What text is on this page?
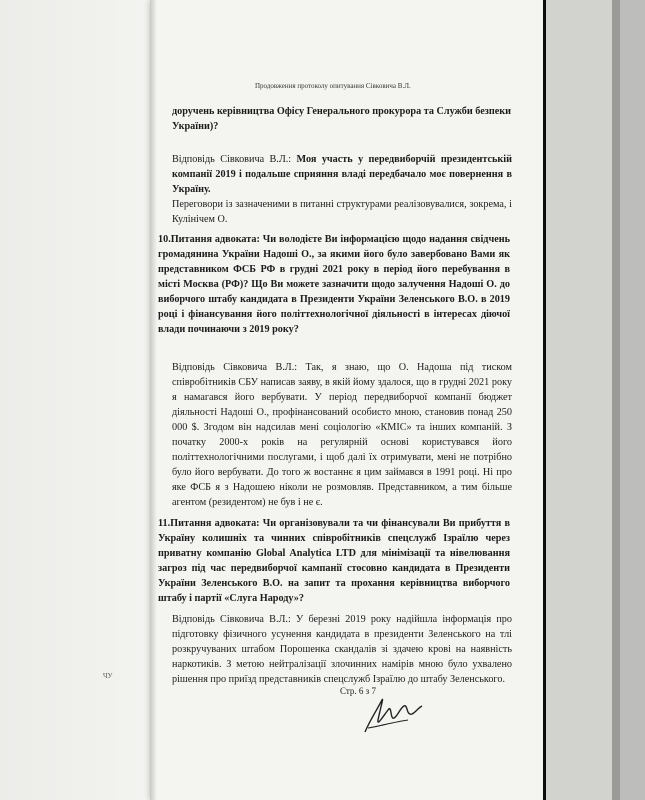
Продовження протоколу опитування Сівковича В.Л.
доручень керівництва Офісу Генерального прокурора та Служби безпеки України)?

Відповідь Сівковича В.Л.: Моя участь у передвиборчій президентській компанії 2019 і подальше сприяння владі передбачало моє повернення в Україну.

Переговори із зазначеними в питанні структурами реалізовувалися, зокрема, і Кулінічем О.

10.Питання адвоката: Чи володієте Ви інформацією щодо надання свідчень громадянина України Надоші О., за якими його було завербовано Вами як представником ФСБ РФ в грудні 2021 року в період його перебування в місті Москва (РФ)? Що Ви можете зазначити щодо залучення Надоші О. до виборчого штабу кандидата в Президенти України Зеленського В.О. в 2019 році і фінансування його політтехнологічної діяльності в інтересах діючої влади починаючи з 2019 року?
Відповідь Сівковича В.Л.: Так, я знаю, що О. Надоша під тиском співробітників СБУ написав заяву, в якій йому здалося, що в грудні 2021 року я намагався його вербувати. У період передвиборчої компанії бюджет діяльності Надоші О., профінансований особисто мною, становив понад 250 000 $. Згодом він надсилав мені соціологію «КМІС» та інших компаній. З початку 2000-х років на регулярній основі користувався його політтехнологічними послугами, і щоб далі їх отримувати, мені не потрібно було його вербувати. До того ж востаннє я цим займався в 1991 році. Ні про яке ФСБ я з Надошею ніколи не розмовляв. Представником, а тим більше агентом (резидентом) не був і не є.
11.Питання адвоката: Чи організовували та чи фінансували Ви прибуття в Україну колишніх та чинних співробітників спецслужб Ізраїлю через приватну компанію Global Analytica LTD для мінімізації та нівелювання загроз під час передвиборчої кампанії стосовно кандидата в Президенти України Зеленського В.О. на запит та прохання керівництва виборчого штабу і партії «Слуга Народу»?
Відповідь Сівковича В.Л.: У березні 2019 року надійшла інформація про підготовку фізичного усунення кандидата в президенти Зеленського на тлі розкручуваних штабом Порошенка скандалів зі здачею крові на наявність наркотиків. З метою нейтралізації злочинних намірів мною було ухвалено рішення про приїзд представників спецслужб Ізраїлю до штабу Зеленського.
ЧУ
Стр. 6 з 7
